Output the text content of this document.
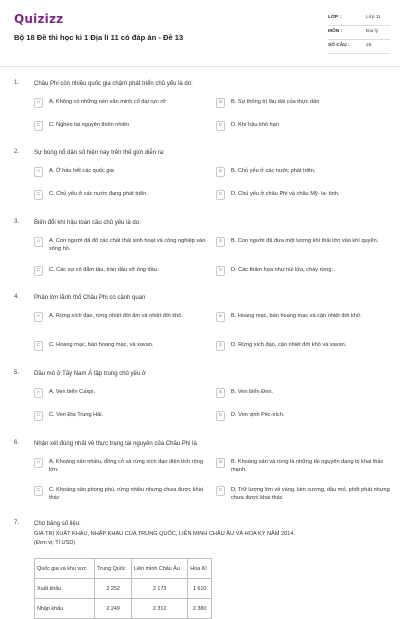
Quizizz
Bộ 18 Đề thi học kì 1 Địa lí 11 có đáp án - Đề 13
LỚP :	Lớp 11
MÔN :	Địa lý
SỐ CÂU :	28
1. Châu Phi còn nhiều quốc gia chậm phát triển chủ yếu là do:
A	A. Không có những nền văn minh cổ đại rực rỡ	B	B. Sự thống trị lâu dài của thực dân
C	C. Nghèo tài nguyên thiên nhiên	D	D. Khí hậu khô hạn
2. Sự bùng nổ dân số hiện nay trên thế giới diễn ra:
A	A. Ở hầu hết các quốc gia	B	B. Chủ yếu ở các nước phát triển.
C	C. Chủ yếu ở các nước đang phát triển.	D	D. Chủ yếu ở châu Phi và châu Mỹ- la- tinh.
3. Biến đổi khí hậu toàn cầu chủ yếu là do:
A	A. Con người đã đổ các chất thải sinh hoạt và công nghiệp vào sông hồ.
B	B. Con người đã đưa một lượng khí thải lớn vào khí quyển.
C	C. Các sự cố đắm tàu, tràn dầu vỡ ống dầu.	D	D. Các thảm họa như núi lửa, cháy rừng.
4. Phần lớn lãnh thổ Châu Phi có cảnh quan
A	A. Rừng xích đạo, rừng nhiệt đới ẩm và nhiệt đới khô.	B	B. Hoang mạc, bán hoang mạc và cận nhiệt đới khô.
C	C. Hoang mạc, bán hoang mạc, và xavan.	D	D. Rừng xích đạo, cận nhiệt đới khô và xavan.
5. Dầu mỏ ở Tây Nam Á tập trung chủ yếu ở
A	A. Ven biển Caxpi.	B	B. Ven biển Đen.
C	C. Ven Địa Trung Hải.	D	D. Ven vịnh Péc-xích.
6. Nhận xét đúng nhất về thực trạng tài nguyên của Châu Phi là
A	A. Khoáng sản nhiều, đồng cỏ và rừng xích đạo diện tích rộng lớn.
B	B. Khoáng sản và rừng là những tài nguyên đang bị khai thác mạnh.
C	C. Khoáng sản phong phú, rừng nhiều nhưng chưa được khai thác
D	D. Trữ lượng lớn về vàng, kim cương, dầu mỏ, phốt phát nhưng chưa được khai thác
7. Cho bảng số liệu:
GIÁ TRỊ XUẤT KHẨU, NHẬP KHẨU CỦA TRUNG QUỐC, LIÊN MINH CHÂU ÂU VÀ HOA KỲ NĂM 2014.
(Đơn vị: Tỉ USD)
Quốc gia và khu vực	Trung Quốc	Liên minh Châu Âu	Hoa Kì
Xuất khẩu	2 252	2 173	1 610
Nhập khẩu	2 249	2 312	2 380
